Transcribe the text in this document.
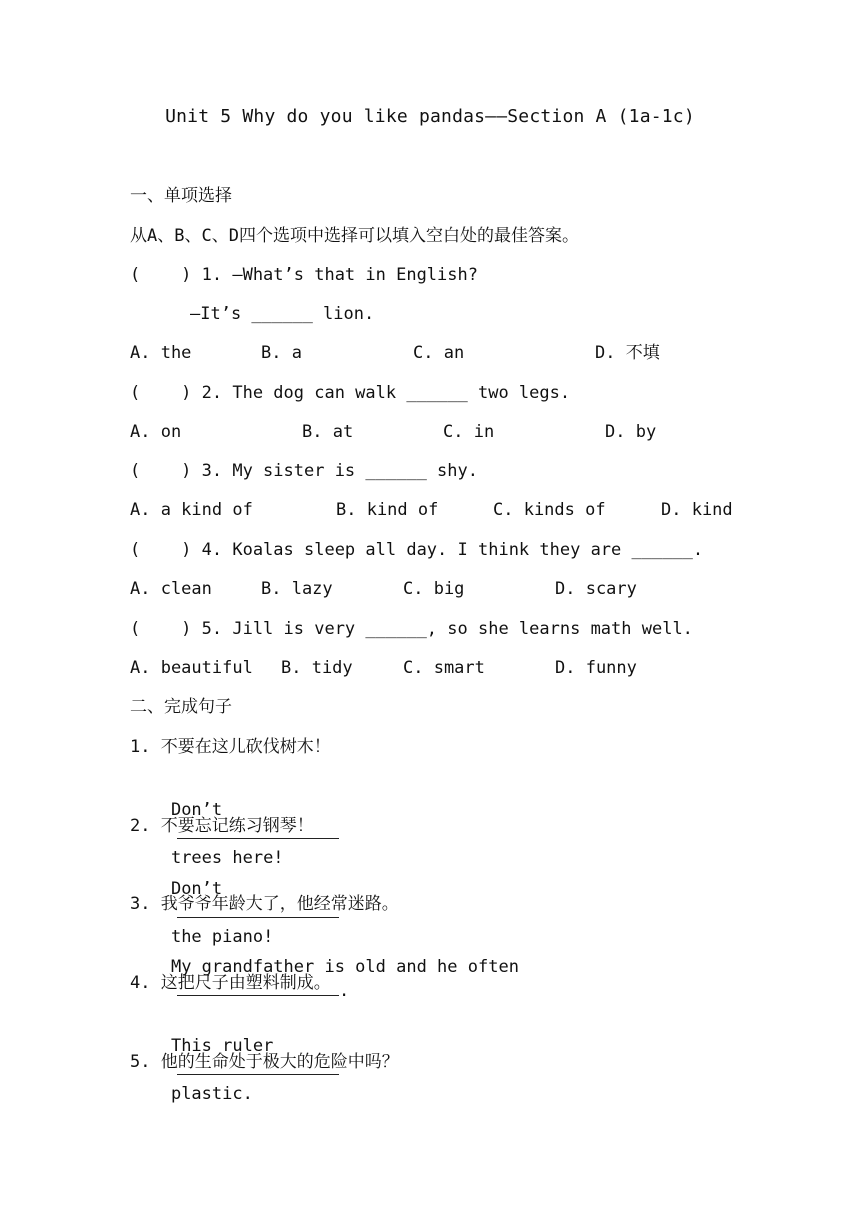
Unit 5 Why do you like pandas——Section A (1a-1c)
一、单项选择
从A、B、C、D四个选项中选择可以填入空白处的最佳答案。
(    ) 1. —What’s that in English?
—It’s ______ lion.
A. the	B. a	C. an	D. 不填
(    ) 2. The dog can walk ______ two legs.
A. on	B. at	C. in	D. by
(    ) 3. My sister is ______ shy.
A. a kind of	B. kind of	C. kinds of	D. kind
(    ) 4. Koalas sleep all day. I think they are ______.
A. clean	B. lazy	C. big	D. scary
(    ) 5. Jill is very ______, so she learns math well.
A. beautiful B. tidy	C. smart	D. funny
二、完成句子
1. 不要在这儿砍伐树木！

Don’t

trees here!

2. 不要忘记练习钢琴！

Don’t

the piano!

3. 我爷爷年龄大了，他经常迷路。

My grandfather is old and he often
.

4. 这把尺子由塑料制成。

This ruler

plastic.

5. 他的生命处于极大的危险中吗？
